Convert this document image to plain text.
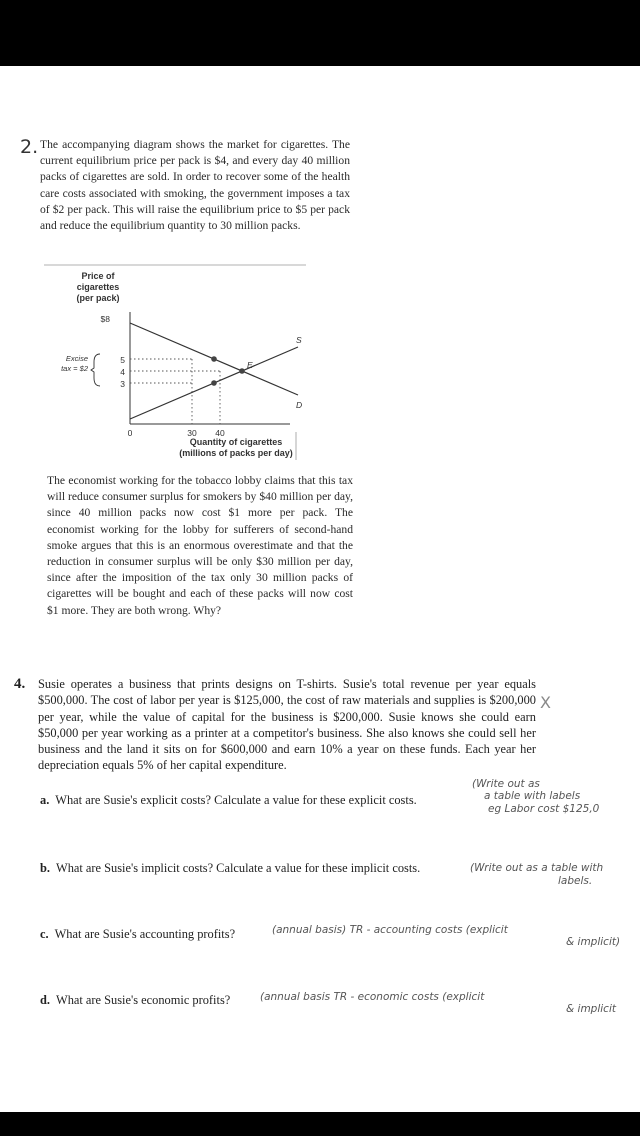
2. The accompanying diagram shows the market for cigarettes. The current equilibrium price per pack is $4, and every day 40 million packs of cigarettes are sold. In order to recover some of the health care costs associated with smoking, the government imposes a tax of $2 per pack. This will raise the equilibrium price to $5 per pack and reduce the equilibrium quantity to 30 million packs.
Price of
cigarettes
(per pack)
$8
5
4
3
Excise
tax = $2
D
S
E
0	30 40
Quantity of cigarettes
(millions of packs per day)
The economist working for the tobacco lobby claims that this tax will reduce consumer surplus for smokers by $40 million per day, since 40 million packs now cost $1 more per pack. The economist working for the lobby for sufferers of second-hand smoke argues that this is an enormous overestimate and that the reduction in consumer surplus will be only $30 million per day, since after the imposition of the tax only 30 million packs of cigarettes will be bought and each of these packs will now cost $1 more. They are both wrong. Why?
4. Susie operates a business that prints designs on T-shirts. Susie's total revenue per year equals $500,000. The cost of labor per year is $125,000, the cost of raw materials and supplies is $200,000 per year, while the value of capital for the business is $200,000. Susie knows she could earn $50,000 per year working as a printer at a competitor's business. She also knows she could sell her business and the land it sits on for $600,000 and earn 10% a year on these funds. Each year her depreciation equals 5% of her capital expenditure.
X
a. What are Susie's explicit costs? Calculate a value for these explicit costs.
(Write out as
a table with labels
eg Labor cost $125,0
b. What are Susie's implicit costs? Calculate a value for these implicit costs.	(Write out as a table with
labels.
c. What are Susie's accounting profits?	(annual basis) TR - accounting costs (explicit
& implicit)
d. What are Susie's economic profits?	(annual basis TR - economic costs (explicit
& implicit
